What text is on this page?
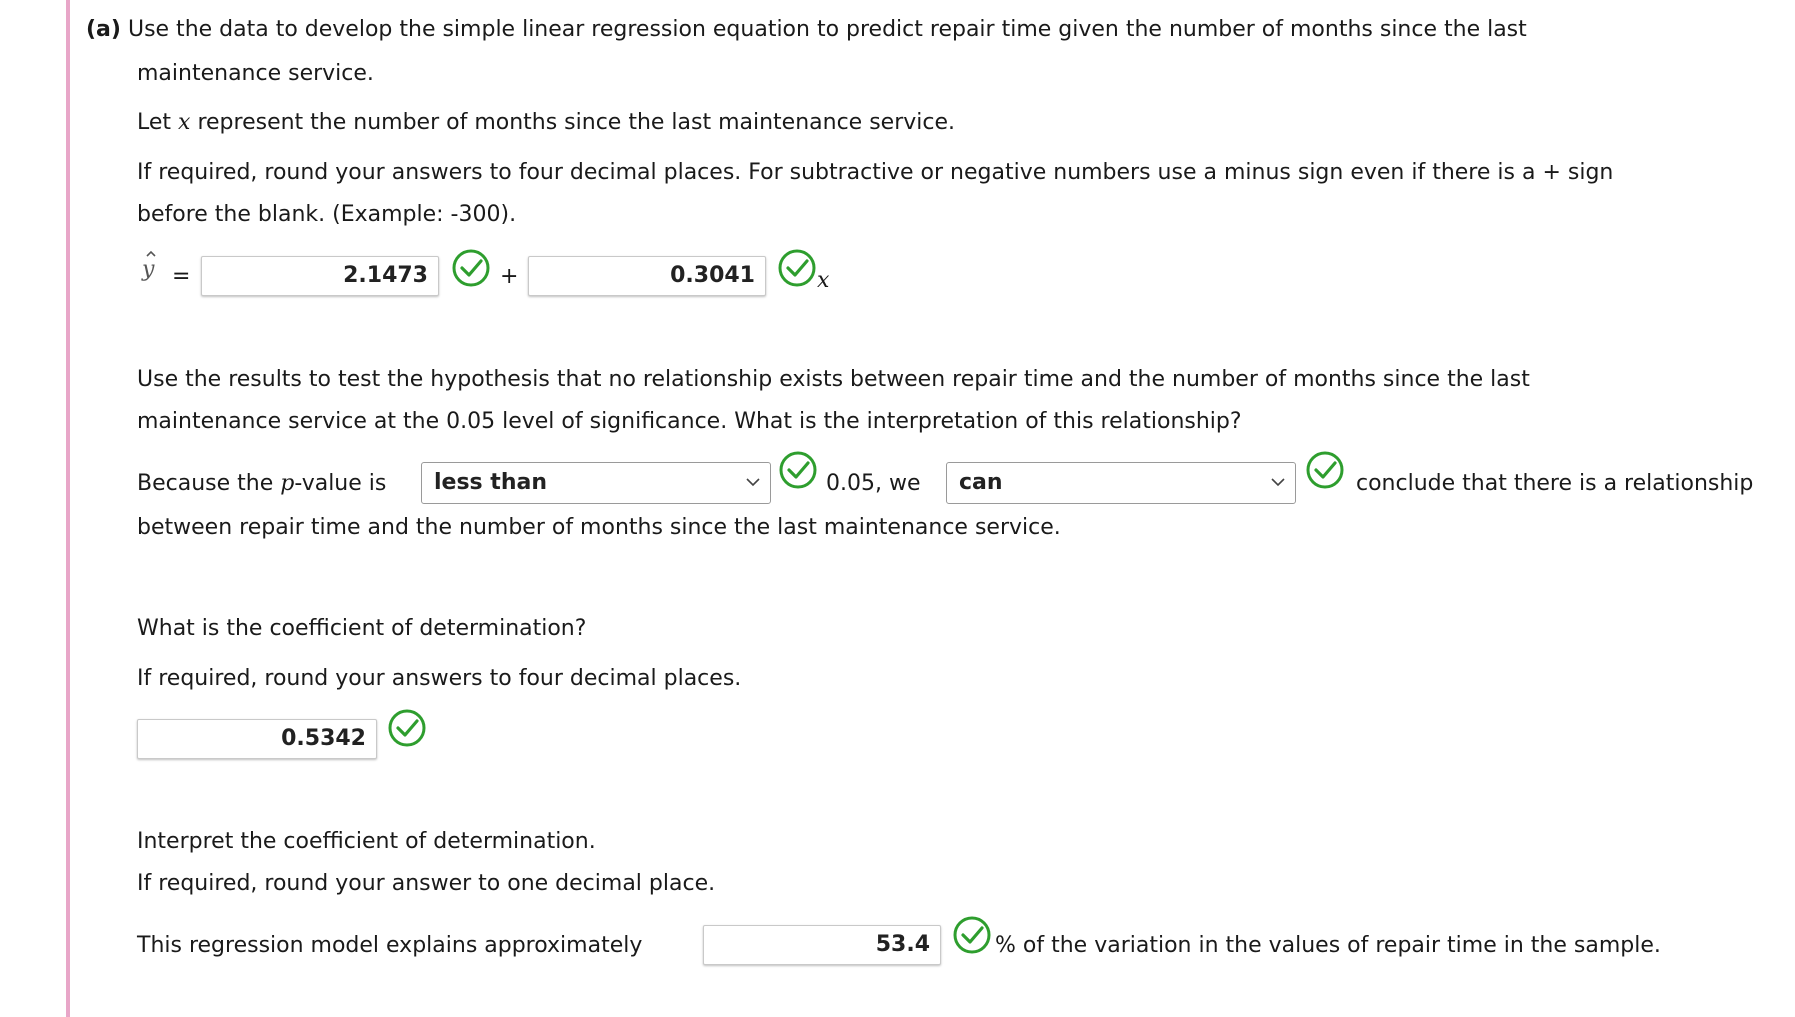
(a) Use the data to develop the simple linear regression equation to predict repair time given the number of months since the last
maintenance service.
Let x represent the number of months since the last maintenance service.
If required, round your answers to four decimal places. For subtractive or negative numbers use a minus sign even if there is a + sign
before the blank. (Example: -300).
y =	2.1473	+	0.3041	x
Use the results to test the hypothesis that no relationship exists between repair time and the number of months since the last
maintenance service at the 0.05 level of significance. What is the interpretation of this relationship?
Because the p-value is	less than	0.05, we	can	conclude that there is a relationship
between repair time and the number of months since the last maintenance service.
What is the coefficient of determination?
If required, round your answers to four decimal places.
0.5342
Interpret the coefficient of determination.
If required, round your answer to one decimal place.
This regression model explains approximately	53.4	% of the variation in the values of repair time in the sample.
